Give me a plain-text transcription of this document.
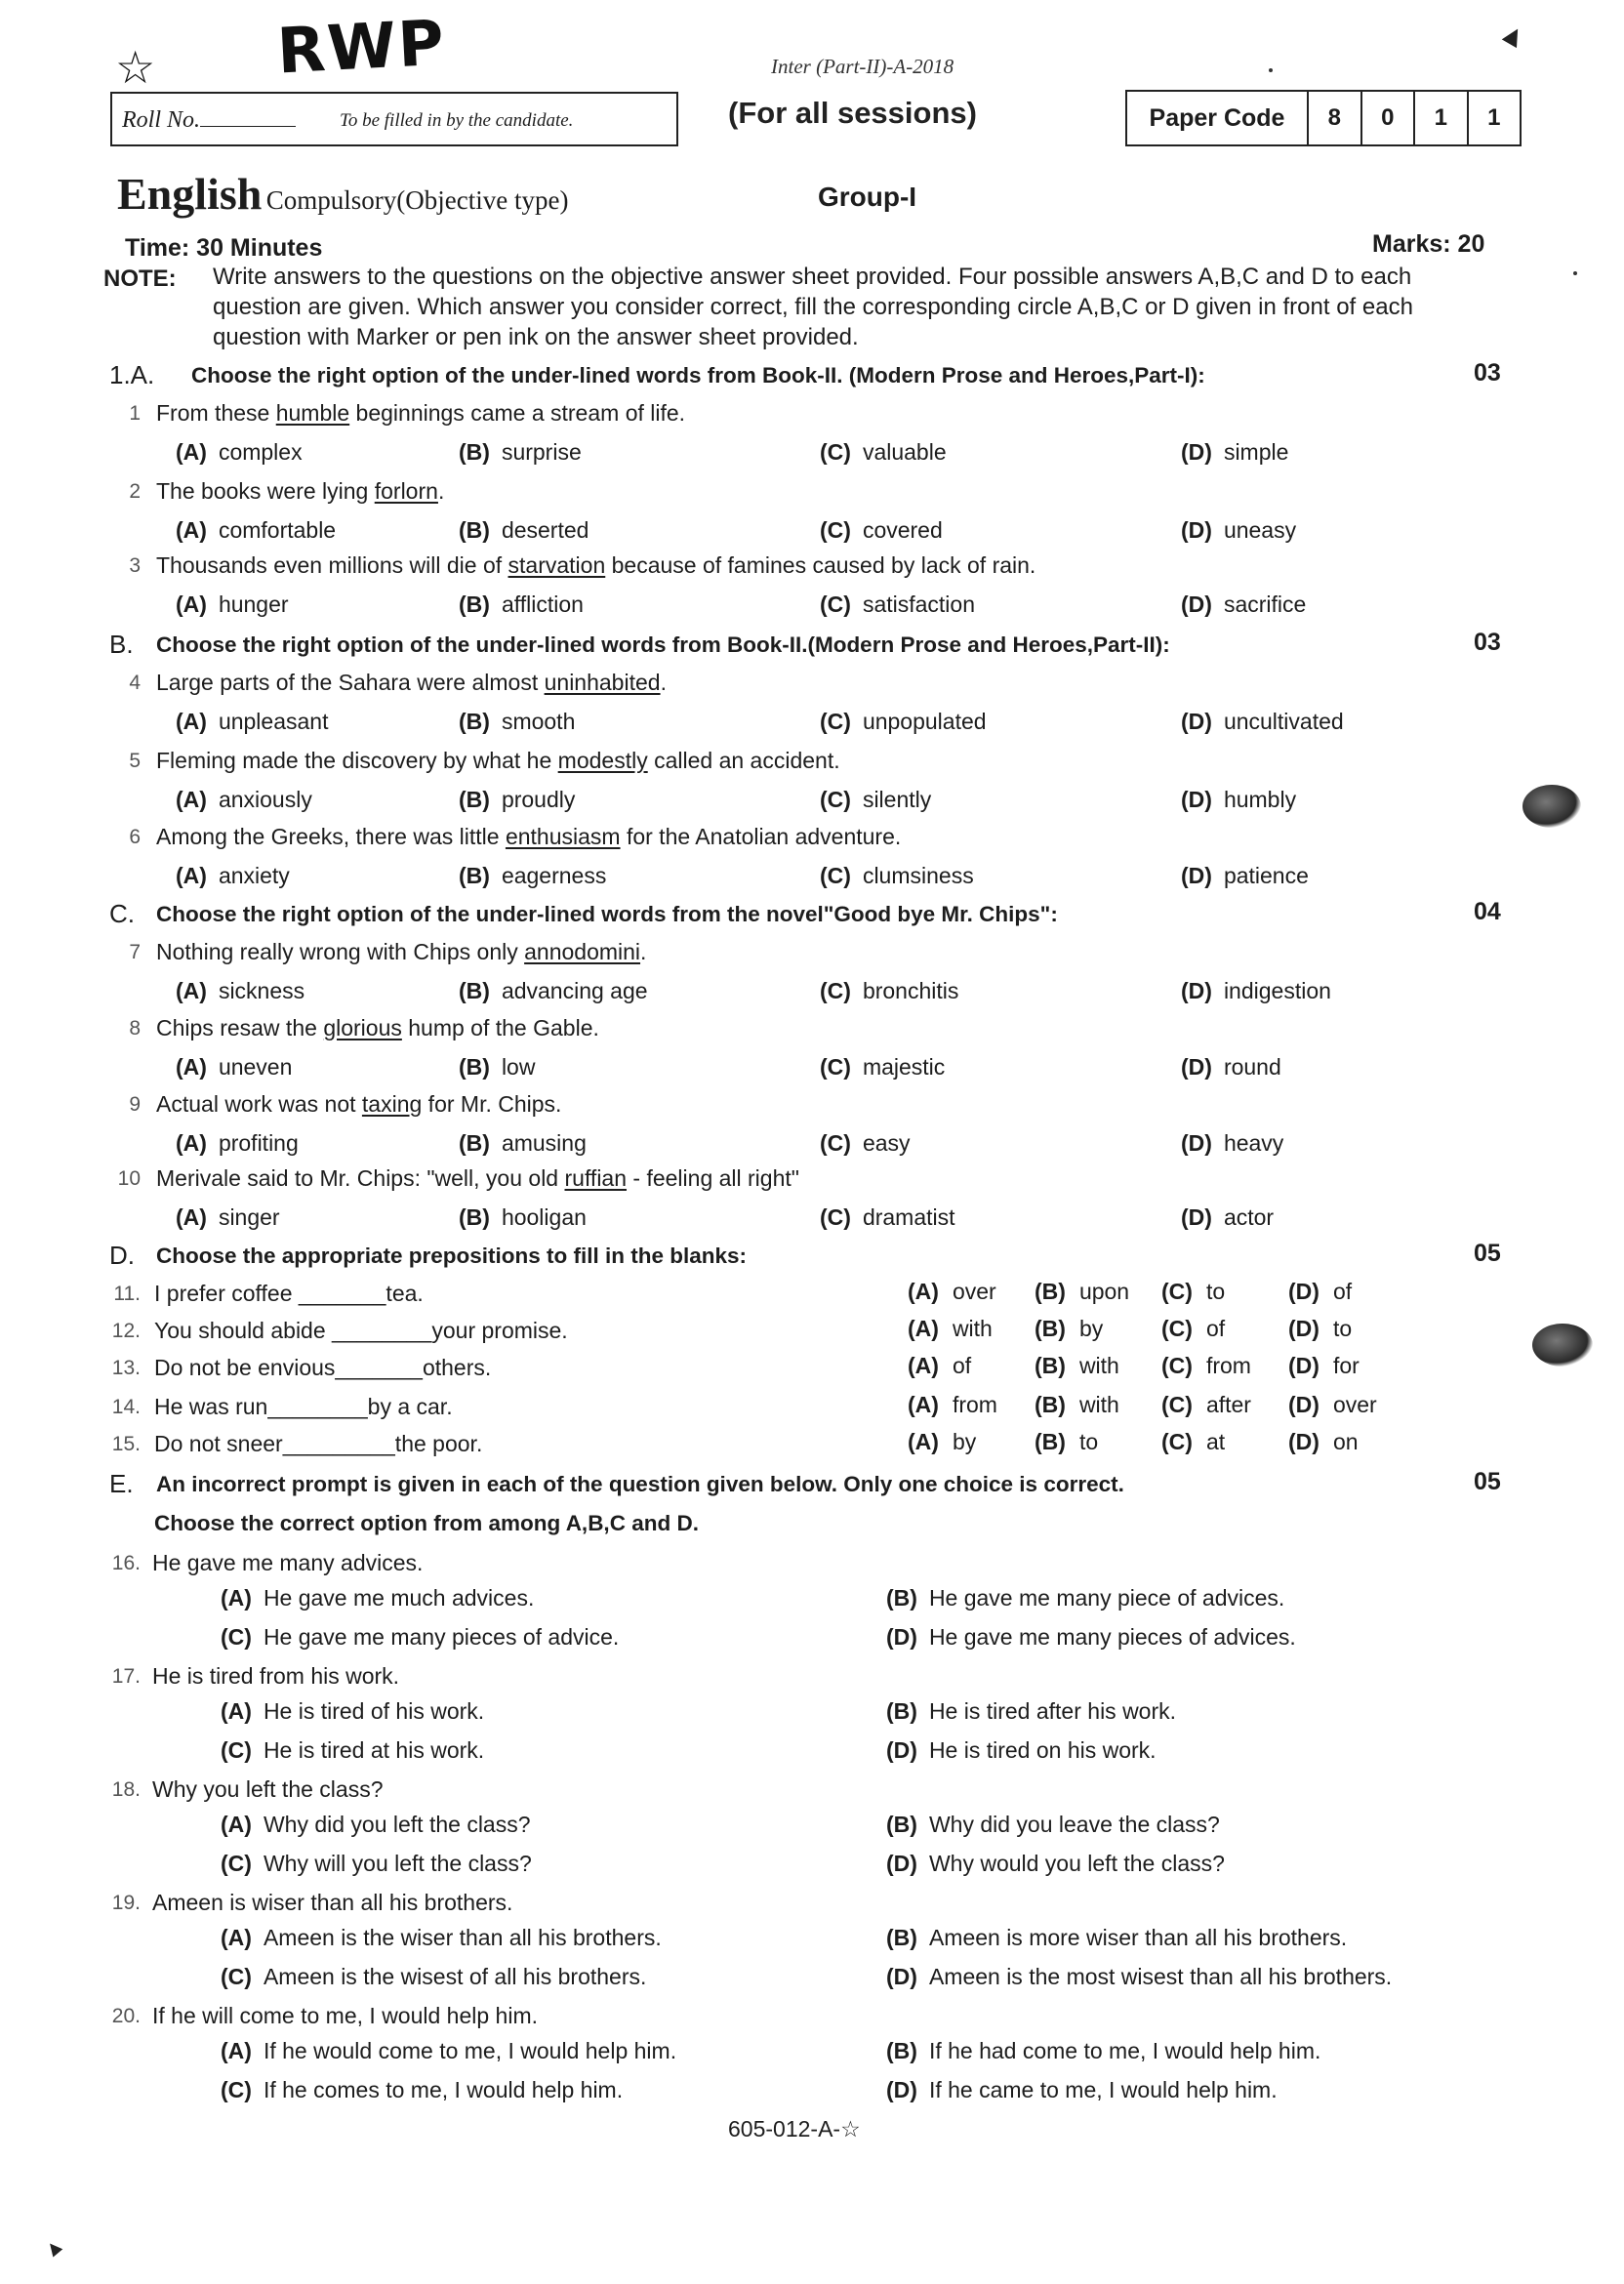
☆ RWP	Inter (Part-II)-A-2018
(For all sessions)
Roll No.	To be filled in by the candidate.	Paper Code	8	0	1	1
English Compulsory(Objective type)	Group-I
Time: 30 Minutes	Marks: 20
NOTE: Write answers to the questions on the objective answer sheet provided. Four possible answers A,B,C and D to each question are given. Which answer you consider correct, fill the corresponding circle A,B,C or D given in front of each question with Marker or pen ink on the answer sheet provided.
1.A. Choose the right option of the under-lined words from Book-II. (Modern Prose and Heroes,Part-I):	03
1 From these humble beginnings came a stream of life.
(A) complex	(B) surprise	(C) valuable	(D) simple
2 The books were lying forlorn.
(A) comfortable	(B) deserted	(C) covered	(D) uneasy
3 Thousands even millions will die of starvation because of famines caused by lack of rain.
(A) hunger	(B) affliction	(C) satisfaction	(D) sacrifice
B. Choose the right option of the under-lined words from Book-II.(Modern Prose and Heroes,Part-II):	03
4 Large parts of the Sahara were almost uninhabited.
(A) unpleasant	(B) smooth	(C) unpopulated	(D) uncultivated
5 Fleming made the discovery by what he modestly called an accident.
(A) anxiously	(B) proudly	(C) silently	(D) humbly
6 Among the Greeks, there was little enthusiasm for the Anatolian adventure.
(A) anxiety	(B) eagerness	(C) clumsiness	(D) patience
C. Choose the right option of the under-lined words from the novel"Good bye Mr. Chips":	04
7 Nothing really wrong with Chips only annodomini.
(A) sickness	(B) advancing age	(C) bronchitis	(D) indigestion
8 Chips resaw the glorious hump of the Gable.
(A) uneven	(B) low	(C) majestic	(D) round
9 Actual work was not taxing for Mr. Chips.
(A) profiting	(B) amusing	(C) easy	(D) heavy
10 Merivale said to Mr. Chips: "well, you old ruffian - feeling all right"
(A) singer	(B) hooligan	(C) dramatist	(D) actor
D. Choose the appropriate prepositions to fill in the blanks:	05
11. I prefer coffee _______tea.	(A) over	(B) upon	(C) to	(D) of
12. You should abide ________your promise.	(A) with	(B) by	(C) of	(D) to
13. Do not be envious_______others.	(A) of	(B) with	(C) from	(D) for
14. He was run________by a car.	(A) from	(B) with	(C) after	(D) over
15. Do not sneer_________the poor.	(A) by	(B) to	(C) at	(D) on
E. An incorrect prompt is given in each of the question given below. Only one choice is correct.	05
Choose the correct option from among A,B,C and D.
16. He gave me many advices.
(A) He gave me much advices.	(B) He gave me many piece of advices.
(C) He gave me many pieces of advice.	(D) He gave me many pieces of advices.
17. He is tired from his work.
(A) He is tired of his work.	(B) He is tired after his work.
(C) He is tired at his work.	(D) He is tired on his work.
18. Why you left the class?
(A) Why did you left the class?	(B) Why did you leave the class?
(C) Why will you left the class?	(D) Why would you left the class?
19. Ameen is wiser than all his brothers.
(A) Ameen is the wiser than all his brothers.	(B) Ameen is more wiser than all his brothers.
(C) Ameen is the wisest of all his brothers.	(D) Ameen is the most wisest than all his brothers.
20. If he will come to me, I would help him.
(A) If he would come to me, I would help him.	(B) If he had come to me, I would help him.
(C) If he comes to me, I would help him.	(D) If he came to me, I would help him.
605-012-A-☆
▲
▲
